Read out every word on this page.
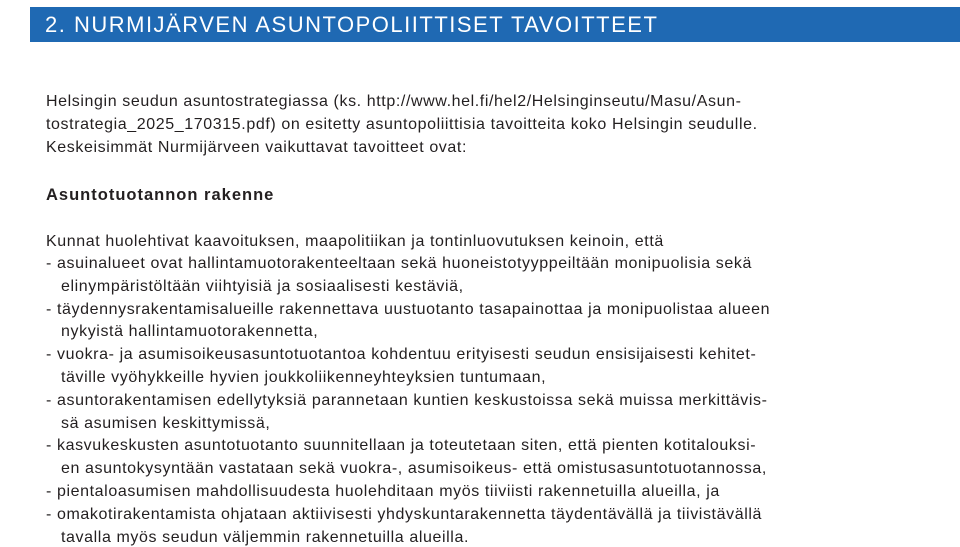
2. NURMIJÄRVEN ASUNTOPOLIITTISET TAVOITTEET
Helsingin seudun asuntostrategiassa (ks. http://www.hel.fi/hel2/Helsinginseutu/Masu/Asun-
tostrategia_2025_170315.pdf) on esitetty asuntopoliittisia tavoitteita koko Helsingin seudulle.
Keskeisimmät Nurmijärveen vaikuttavat tavoitteet ovat:
Asuntotuotannon rakenne
Kunnat huolehtivat kaavoituksen, maapolitiikan ja tontinluovutuksen keinoin, että
- asuinalueet ovat hallintamuotorakenteeltaan sekä huoneistotyyppeiltään monipuolisia sekä
elinympäristöltään viihtyisiä ja sosiaalisesti kestäviä,
- täydennysrakentamisalueille rakennettava uustuotanto tasapainottaa ja monipuolistaa alueen
nykyistä hallintamuotorakennetta,
- vuokra- ja asumisoikeusasuntotuotantoa kohdentuu erityisesti seudun ensisijaisesti kehitet-
täville vyöhykkeille hyvien joukkoliikenneyhteyksien tuntumaan,
- asuntorakentamisen edellytyksiä parannetaan kuntien keskustoissa sekä muissa merkittävis-
sä asumisen keskittymissä,
- kasvukeskusten asuntotuotanto suunnitellaan ja toteutetaan siten, että pienten kotitalouksi-
en asuntokysyntään vastataan sekä vuokra-, asumisoikeus- että omistusasuntotuotannossa,
- pientaloasumisen mahdollisuudesta huolehditaan myös tiiviisti rakennetuilla alueilla, ja
- omakotirakentamista ohjataan aktiivisesti yhdyskuntarakennetta täydentävällä ja tiivistävällä
tavalla myös seudun väljemmin rakennetuilla alueilla.
